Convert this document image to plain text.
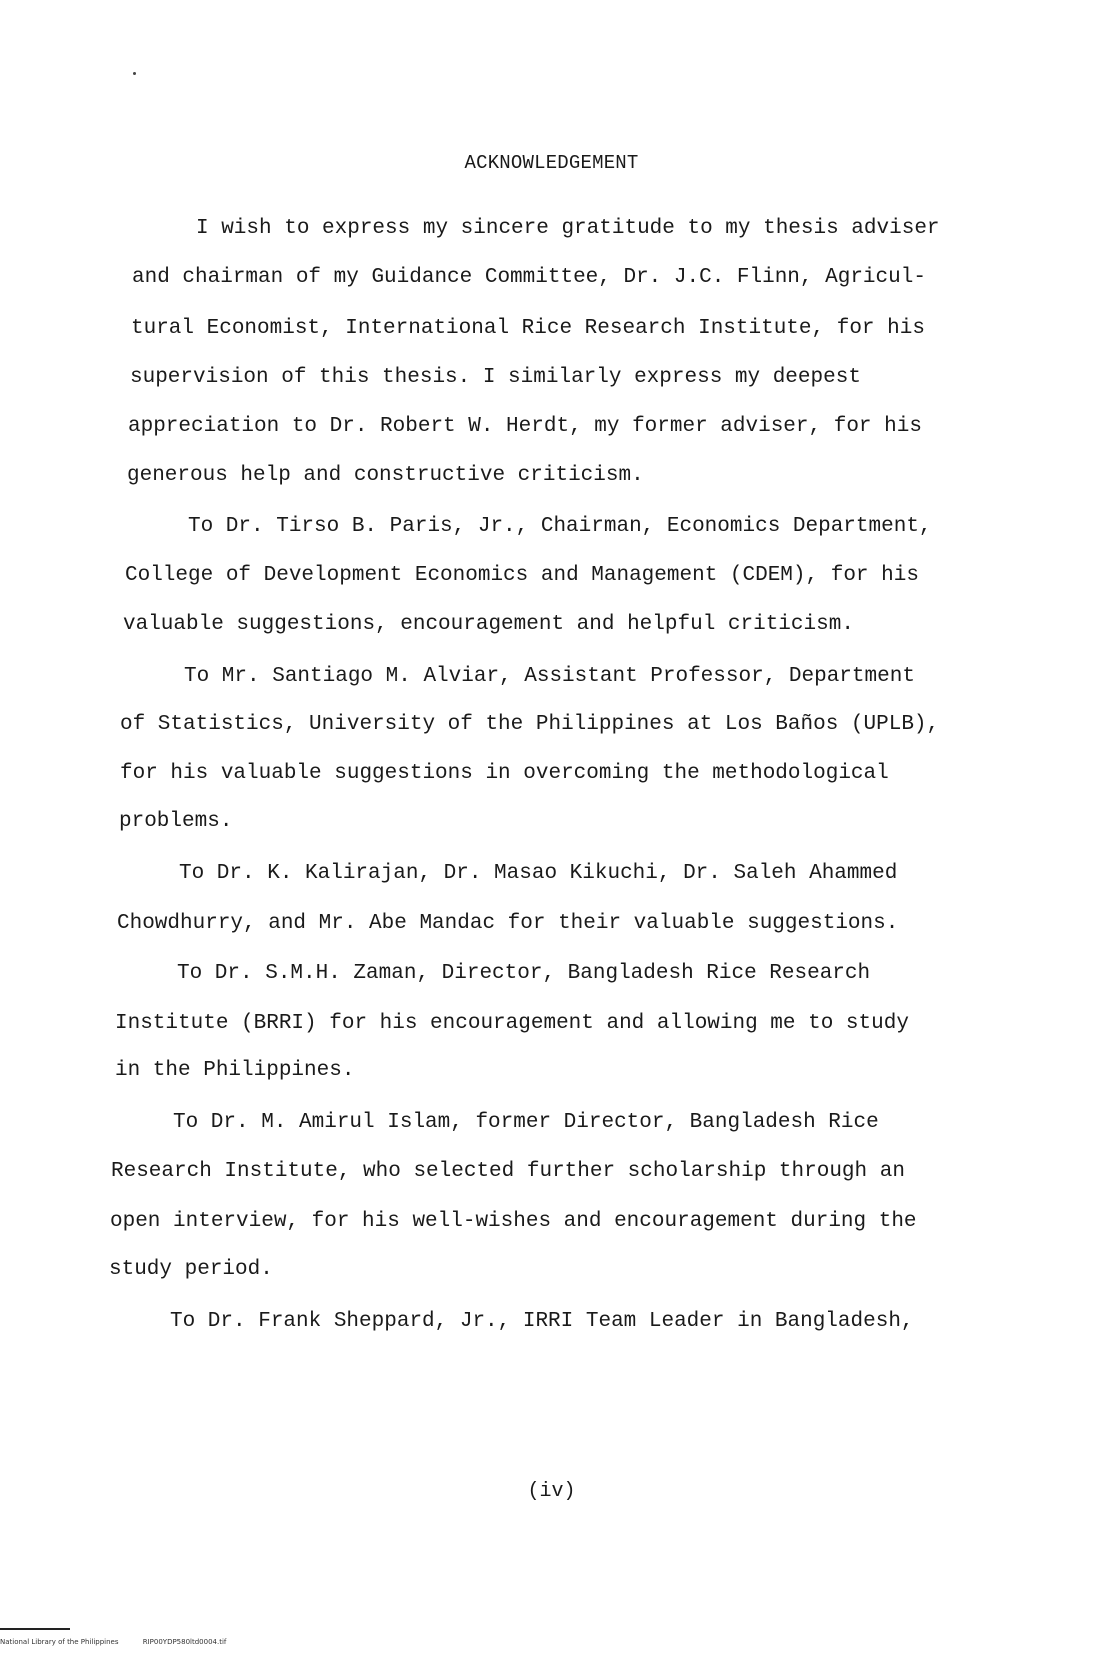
ACKNOWLEDGEMENT
I wish to express my sincere gratitude to my thesis adviser
and chairman of my Guidance Committee, Dr. J.C. Flinn, Agricul-
tural Economist, International Rice Research Institute, for his
supervision of this thesis. I similarly express my deepest
appreciation to Dr. Robert W. Herdt, my former adviser, for his
generous help and constructive criticism.
To Dr. Tirso B. Paris, Jr., Chairman, Economics Department,
College of Development Economics and Management (CDEM), for his
valuable suggestions, encouragement and helpful criticism.
To Mr. Santiago M. Alviar, Assistant Professor, Department
of Statistics, University of the Philippines at Los Baños (UPLB),
for his valuable suggestions in overcoming the methodological
problems.
To Dr. K. Kalirajan, Dr. Masao Kikuchi, Dr. Saleh Ahammed
Chowdhurry, and Mr. Abe Mandac for their valuable suggestions.
To Dr. S.M.H. Zaman, Director, Bangladesh Rice Research
Institute (BRRI) for his encouragement and allowing me to study
in the Philippines.
To Dr. M. Amirul Islam, former Director, Bangladesh Rice
Research Institute, who selected further scholarship through an
open interview, for his well-wishes and encouragement during the
study period.
To Dr. Frank Sheppard, Jr., IRRI Team Leader in Bangladesh,
(iv)
National Library of the Philippines	RIP00YDP580ltd0004.tif
